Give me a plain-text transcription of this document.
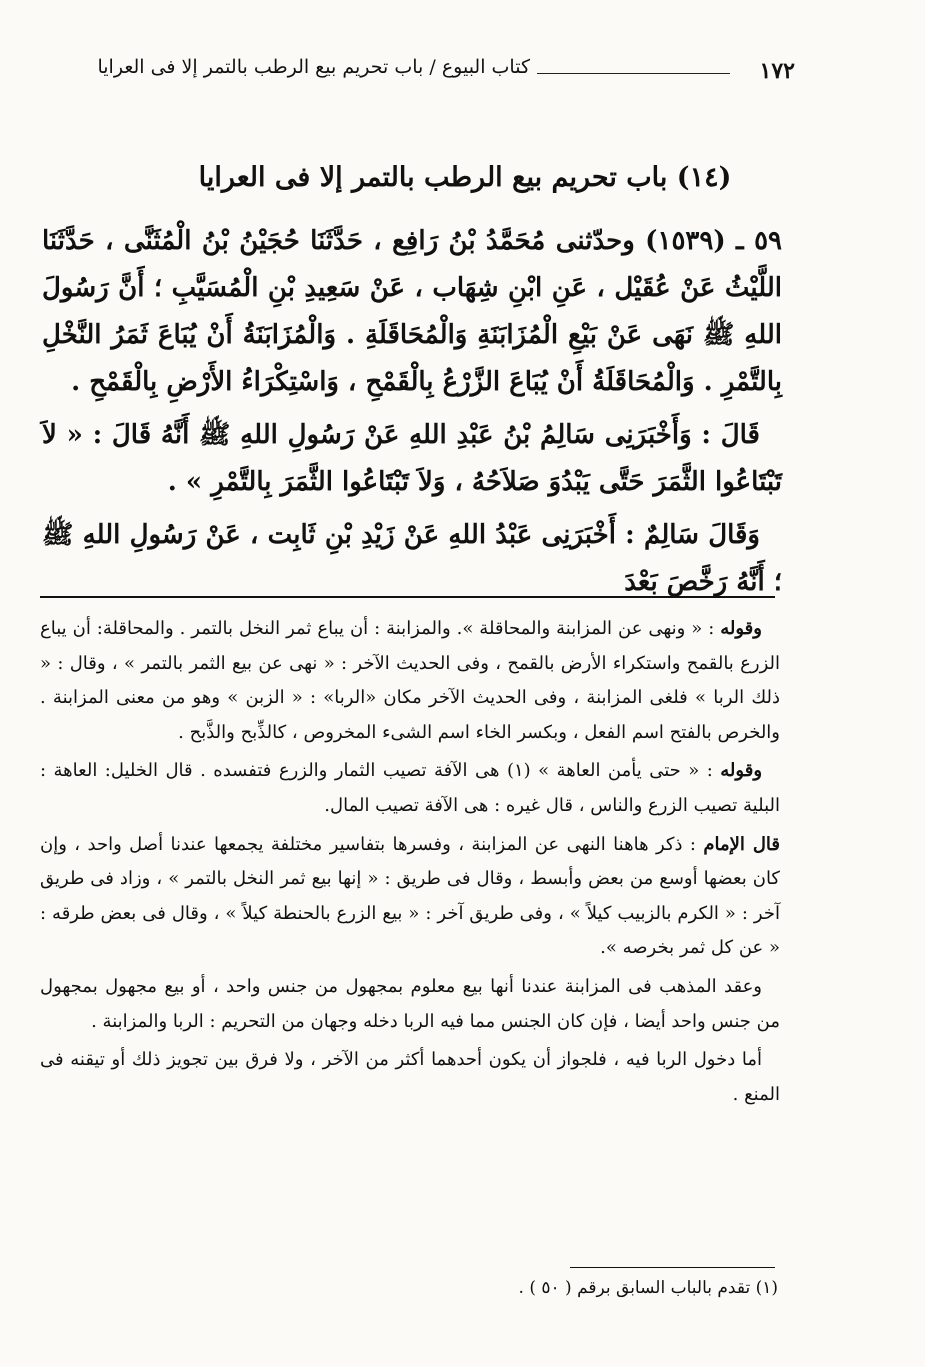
١٧٢
كتاب البيوع / باب تحريم بيع الرطب بالتمر إلا فى العرايا
(١٤) باب تحريم بيع الرطب بالتمر إلا فى العرايا

٥٩ ـ (١٥٣٩) وحدّثنى مُحَمَّدُ بْنُ رَافِع ، حَدَّثَنَا حُجَيْنُ بْنُ الْمُثَنَّى ، حَدَّثَنَا اللَّيْثُ عَنْ عُقَيْل ، عَنِ ابْنِ شِهَاب ، عَنْ سَعِيدِ بْنِ الْمُسَيَّبِ ؛ أَنَّ رَسُولَ اللهِ ﷺ نَهَى عَنْ بَيْعِ الْمُزَابَنَةِ وَالْمُحَاقَلَةِ . وَالْمُزَابَنَةُ أَنْ يُبَاعَ ثَمَرُ النَّخْلِ بِالتَّمْرِ . وَالْمُحَاقَلَةُ أَنْ يُبَاعَ الزَّرْعُ بِالْقَمْحِ ، وَاسْتِكْرَاءُ الأَرْضِ بِالْقَمْحِ .

قَالَ : وَأَخْبَرَنِى سَالِمُ بْنُ عَبْدِ اللهِ عَنْ رَسُولِ اللهِ ﷺ أَنَّهُ قَالَ : « لاَ تَبْتَاعُوا الثَّمَرَ حَتَّى يَبْدُوَ صَلاَحُهُ ، وَلاَ تَبْتَاعُوا الثَّمَرَ بِالتَّمْرِ » .

وَقَالَ سَالِمٌ : أَخْبَرَنِى عَبْدُ اللهِ عَنْ زَيْدِ بْنِ ثَابِت ، عَنْ رَسُولِ اللهِ ﷺ ؛ أَنَّهُ رَخَّصَ بَعْدَ

وقوله : « ونهى عن المزابنة والمحاقلة ». والمزابنة : أن يباع ثمر النخل بالتمر . والمحاقلة: أن يباع الزرع بالقمح واستكراء الأرض بالقمح ، وفى الحديث الآخر : « نهى عن بيع الثمر بالتمر » ، وقال : « ذلك الربا » فلغى المزابنة ، وفى الحديث الآخر مكان «الربا» : « الزبن » وهو من معنى المزابنة . والخرص بالفتح اسم الفعل ، وبكسر الخاء اسم الشىء المخروص ، كالذِّبح والذَّبح .

وقوله : « حتى يأمن العاهة » (١) هى الآفة تصيب الثمار والزرع فتفسده . قال الخليل: العاهة : البلية تصيب الزرع والناس ، قال غيره : هى الآفة تصيب المال.

قال الإمام : ذكر هاهنا النهى عن المزابنة ، وفسرها بتفاسير مختلفة يجمعها عندنا أصل واحد ، وإن كان بعضها أوسع من بعض وأبسط ، وقال فى طريق : « إنها بيع ثمر النخل بالتمر » ، وزاد فى طريق آخر : « الكرم بالزبيب كيلاً » ، وفى طريق آخر : « بيع الزرع بالحنطة كيلاً » ، وقال فى بعض طرقه : « عن كل ثمر بخرصه ».

وعقد المذهب فى المزابنة عندنا أنها بيع معلوم بمجهول من جنس واحد ، أو بيع مجهول بمجهول من جنس واحد أيضا ، فإن كان الجنس مما فيه الربا دخله وجهان من التحريم : الربا والمزابنة .

أما دخول الربا فيه ، فلجواز أن يكون أحدهما أكثر من الآخر ، ولا فرق بين تجويز ذلك أو تيقنه فى المنع .

(١) تقدم بالباب السابق برقم ( ٥٠ ) .
